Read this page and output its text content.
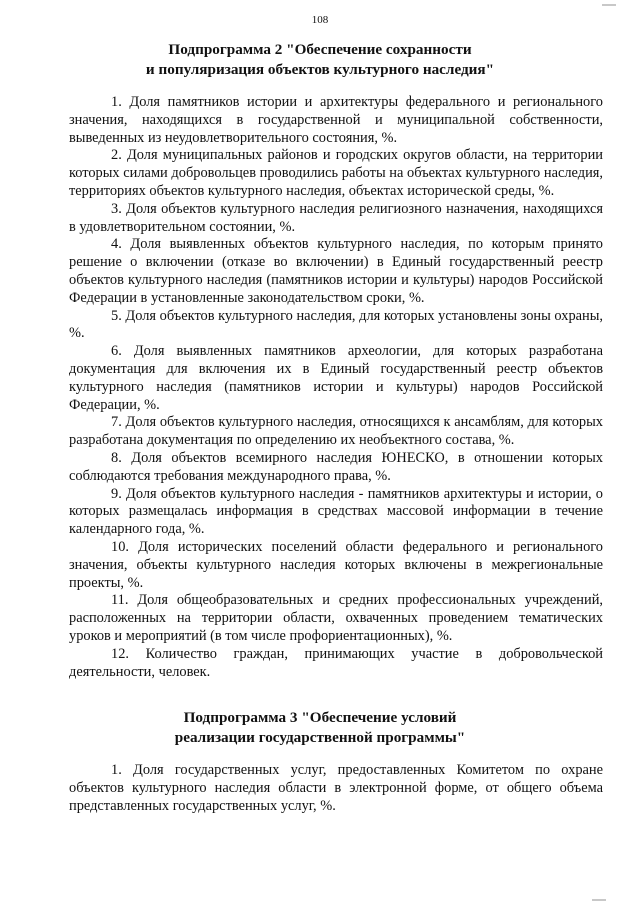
108
Подпрограмма 2 "Обеспечение сохранности
и популяризация объектов культурного наследия"

1. Доля памятников истории и архитектуры федерального и регионального значения, находящихся в государственной и муниципальной собственности, выведенных из неудовлетворительного состояния, %.

2. Доля муниципальных районов и городских округов области, на территории которых силами добровольцев проводились работы на объектах культурного наследия, территориях объектов культурного наследия, объектах исторической среды, %.

3. Доля объектов культурного наследия религиозного назначения, находящихся в удовлетворительном состоянии, %.

4. Доля выявленных объектов культурного наследия, по которым принято решение о включении (отказе во включении) в Единый государственный реестр объектов культурного наследия (памятников истории и культуры) народов Российской Федерации в установленные законодательством сроки, %.

5. Доля объектов культурного наследия, для которых установлены зоны охраны, %.

6. Доля выявленных памятников археологии, для которых разработана документация для включения их в Единый государственный реестр объектов культурного наследия (памятников истории и культуры) народов Российской Федерации, %.

7. Доля объектов культурного наследия, относящихся к ансамблям, для которых разработана документация по определению их необъектного состава, %.

8. Доля объектов всемирного наследия ЮНЕСКО, в отношении которых соблюдаются требования международного права, %.

9. Доля объектов культурного наследия - памятников архитектуры и истории, о которых размещалась информация в средствах массовой информации в течение календарного года, %.

10. Доля исторических поселений области федерального и регионального значения, объекты культурного наследия которых включены в межрегиональные проекты, %.

11. Доля общеобразовательных и средних профессиональных учреждений, расположенных на территории области, охваченных проведением тематических уроков и мероприятий (в том числе профориентационных), %.

12. Количество граждан, принимающих участие в добровольческой деятельности, человек.

Подпрограмма 3 "Обеспечение условий
реализации государственной программы"

1. Доля государственных услуг, предоставленных Комитетом по охране объектов культурного наследия области в электронной форме, от общего объема представленных государственных услуг, %.
